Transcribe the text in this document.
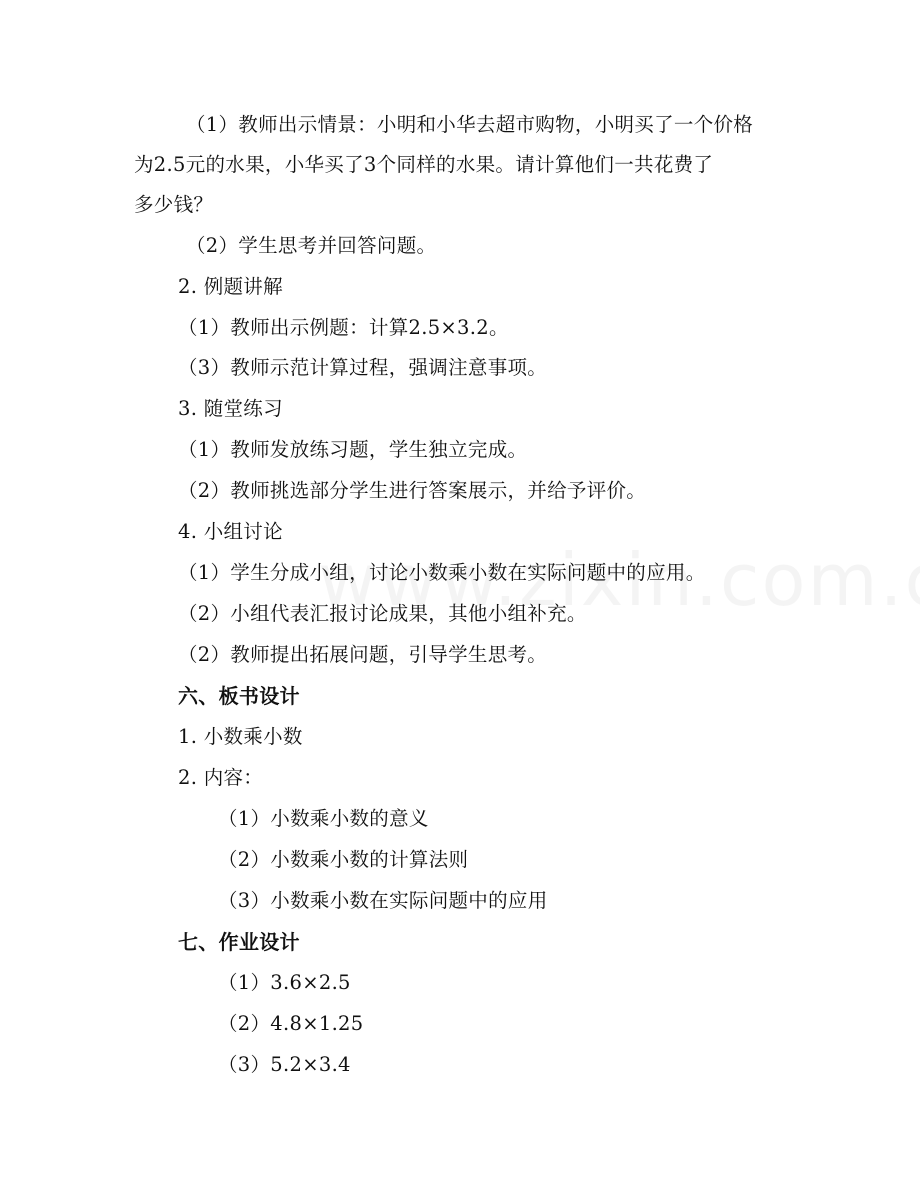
（1）教师出示情景：小明和小华去超市购物，小明买了一个价格
为2.5元的水果，小华买了3个同样的水果。请计算他们一共花费了
多少钱？
（2）学生思考并回答问题。
2. 例题讲解
（1）教师出示例题：计算2.5×3.2。
（3）教师示范计算过程，强调注意事项。
3. 随堂练习
（1）教师发放练习题，学生独立完成。
（2）教师挑选部分学生进行答案展示，并给予评价。
4. 小组讨论
（1）学生分成小组，讨论小数乘小数在实际问题中的应用。
（2）小组代表汇报讨论成果，其他小组补充。
（2）教师提出拓展问题，引导学生思考。
六、板书设计
1. 小数乘小数
2. 内容：
（1）小数乘小数的意义
（2）小数乘小数的计算法则
（3）小数乘小数在实际问题中的应用
七、作业设计
（1）3.6×2.5
（2）4.8×1.25
（3）5.2×3.4
